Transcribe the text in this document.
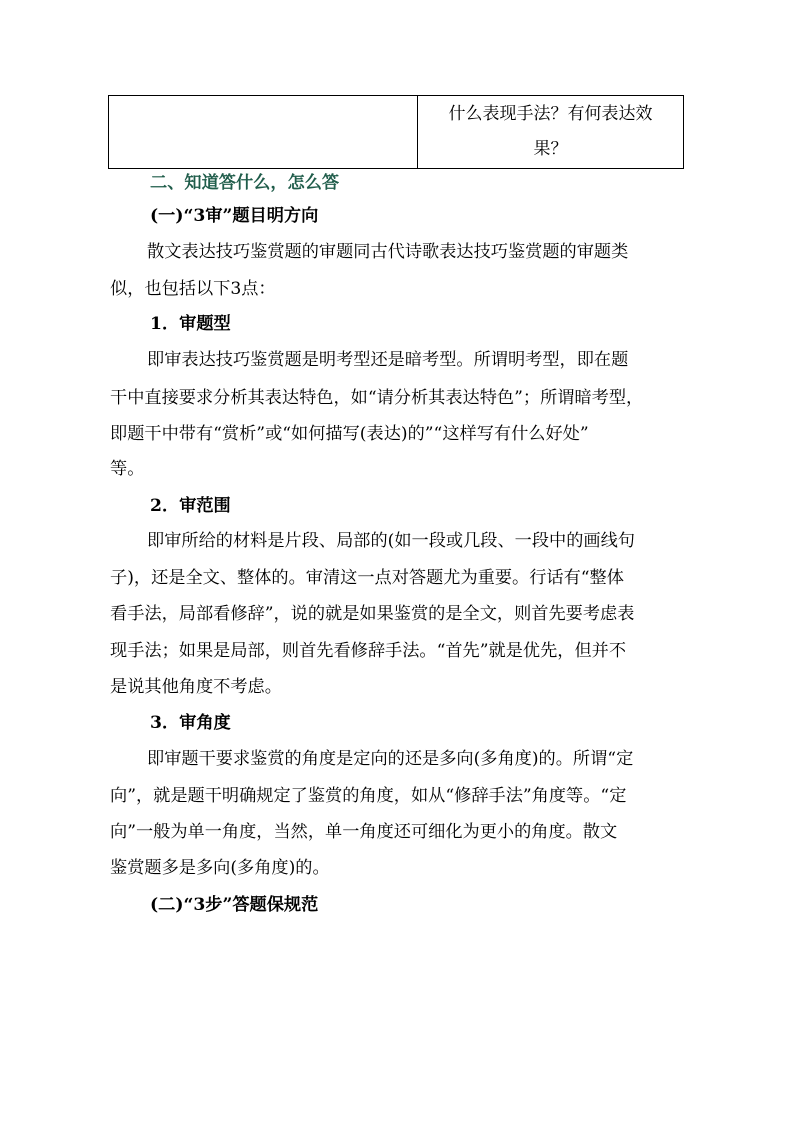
什么表现手法？有何表达效
果？
二、知道答什么，怎么答
(一)“3审”题目明方向
散文表达技巧鉴赏题的审题同古代诗歌表达技巧鉴赏题的审题类
似，也包括以下3点：
1．审题型
即审表达技巧鉴赏题是明考型还是暗考型。所谓明考型，即在题
干中直接要求分析其表达特色，如“请分析其表达特色”；所谓暗考型，
即题干中带有“赏析”或“如何描写(表达)的”“这样写有什么好处”
等。
2．审范围
即审所给的材料是片段、局部的(如一段或几段、一段中的画线句
子)，还是全文、整体的。审清这一点对答题尤为重要。行话有“整体
看手法，局部看修辞”，说的就是如果鉴赏的是全文，则首先要考虑表
现手法；如果是局部，则首先看修辞手法。“首先”就是优先，但并不
是说其他角度不考虑。
3．审角度
即审题干要求鉴赏的角度是定向的还是多向(多角度)的。所谓“定
向”，就是题干明确规定了鉴赏的角度，如从“修辞手法”角度等。“定
向”一般为单一角度，当然，单一角度还可细化为更小的角度。散文
鉴赏题多是多向(多角度)的。
(二)“3步”答题保规范
